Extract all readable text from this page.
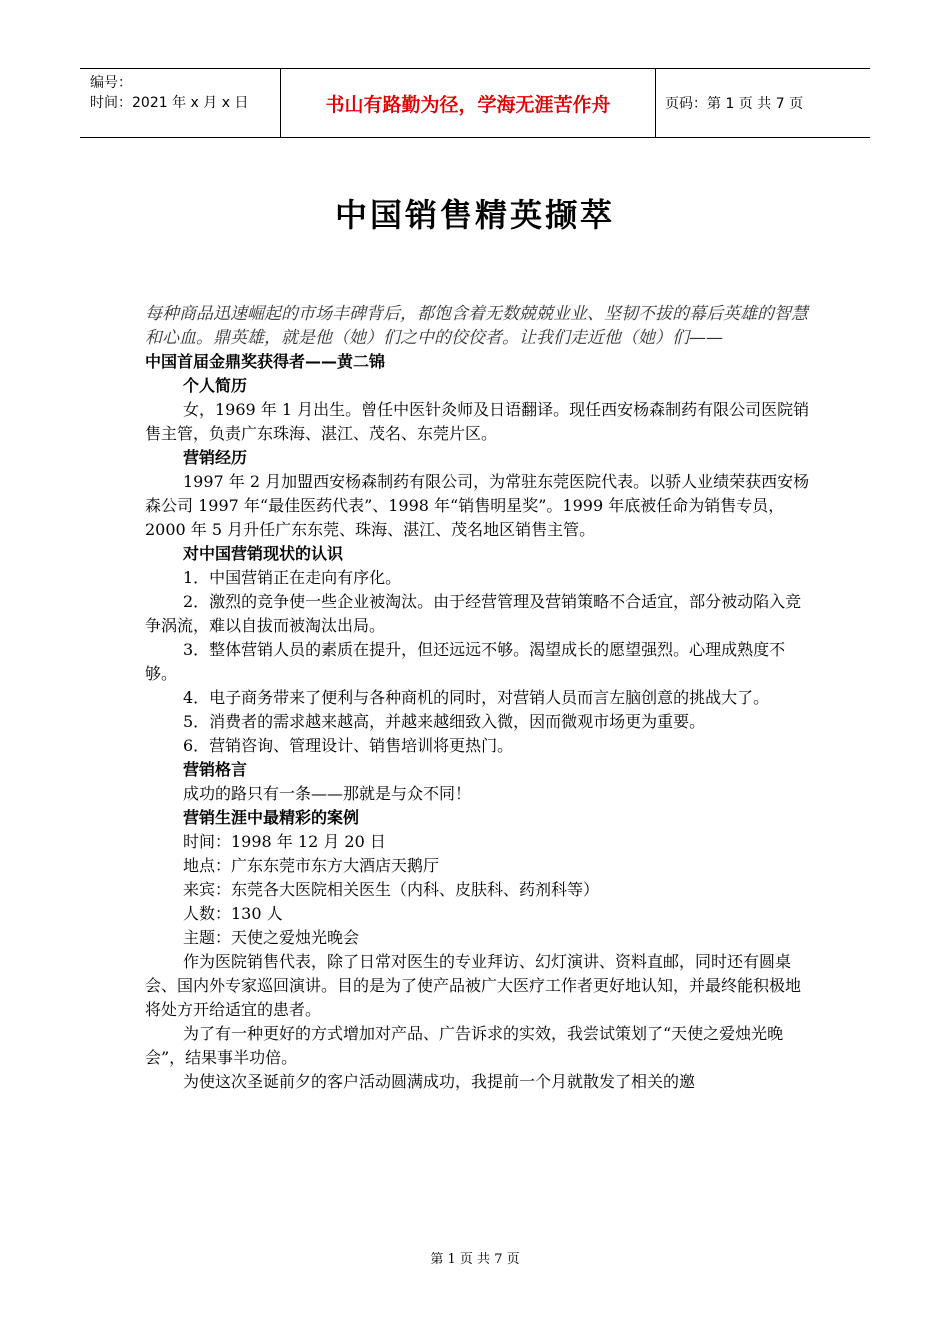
编号：
时间：2021 年 x 月 x 日	书山有路勤为径，学海无涯苦作舟	页码：第 1 页 共 7 页
中国销售精英撷萃

每种商品迅速崛起的市场丰碑背后，都饱含着无数兢兢业业、坚韧不拔的幕后英雄的智慧和心血。鼎英雄，就是他（她）们之中的佼佼者。让我们走近他（她）们——

中国首届金鼎奖获得者——黄二锦

个人简历

女，1969 年 1 月出生。曾任中医针灸师及日语翻译。现任西安杨森制药有限公司医院销售主管，负责广东珠海、湛江、茂名、东莞片区。

营销经历

1997 年 2 月加盟西安杨森制药有限公司，为常驻东莞医院代表。以骄人业绩荣获西安杨森公司 1997 年“最佳医药代表”、1998 年“销售明星奖”。1999 年底被任命为销售专员，2000 年 5 月升任广东东莞、珠海、湛江、茂名地区销售主管。

对中国营销现状的认识

1．中国营销正在走向有序化。

2．激烈的竞争使一些企业被淘汰。由于经营管理及营销策略不合适宜，部分被动陷入竞争涡流，难以自拔而被淘汰出局。

3．整体营销人员的素质在提升，但还远远不够。渴望成长的愿望强烈。心理成熟度不够。

4．电子商务带来了便利与各种商机的同时，对营销人员而言左脑创意的挑战大了。

5．消费者的需求越来越高，并越来越细致入微，因而微观市场更为重要。

6．营销咨询、管理设计、销售培训将更热门。

营销格言

成功的路只有一条——那就是与众不同！

营销生涯中最精彩的案例

时间：1998 年 12 月 20 日

地点：广东东莞市东方大酒店天鹅厅

来宾：东莞各大医院相关医生（内科、皮肤科、药剂科等）

人数：130 人

主题：天使之爱烛光晚会

作为医院销售代表，除了日常对医生的专业拜访、幻灯演讲、资料直邮，同时还有圆桌会、国内外专家巡回演讲。目的是为了使产品被广大医疗工作者更好地认知，并最终能积极地将处方开给适宜的患者。

为了有一种更好的方式增加对产品、广告诉求的实效，我尝试策划了“天使之爱烛光晚会”，结果事半功倍。

为使这次圣诞前夕的客户活动圆满成功，我提前一个月就散发了相关的邀

第 1 页 共 7 页
